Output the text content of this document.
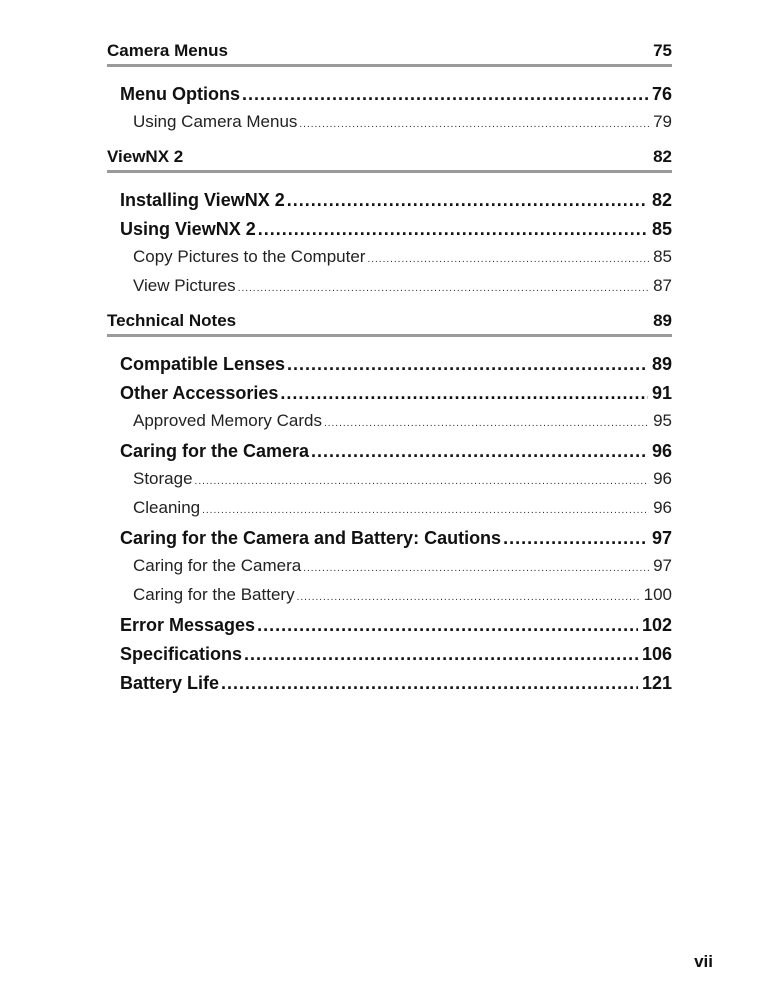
Camera Menus	75
Menu Options .....	76
Using Camera Menus .....	79
ViewNX 2	82
Installing ViewNX 2 .....	82
Using ViewNX 2 .....	85
Copy Pictures to the Computer .....	85
View Pictures .....	87
Technical Notes	89
Compatible Lenses .....	89
Other Accessories .....	91
Approved Memory Cards .....	95
Caring for the Camera .....	96
Storage .....	96
Cleaning .....	96
Caring for the Camera and Battery: Cautions .....	97
Caring for the Camera .....	97
Caring for the Battery .....	100
Error Messages .....	102
Specifications .....	106
Battery Life .....	121
vii
